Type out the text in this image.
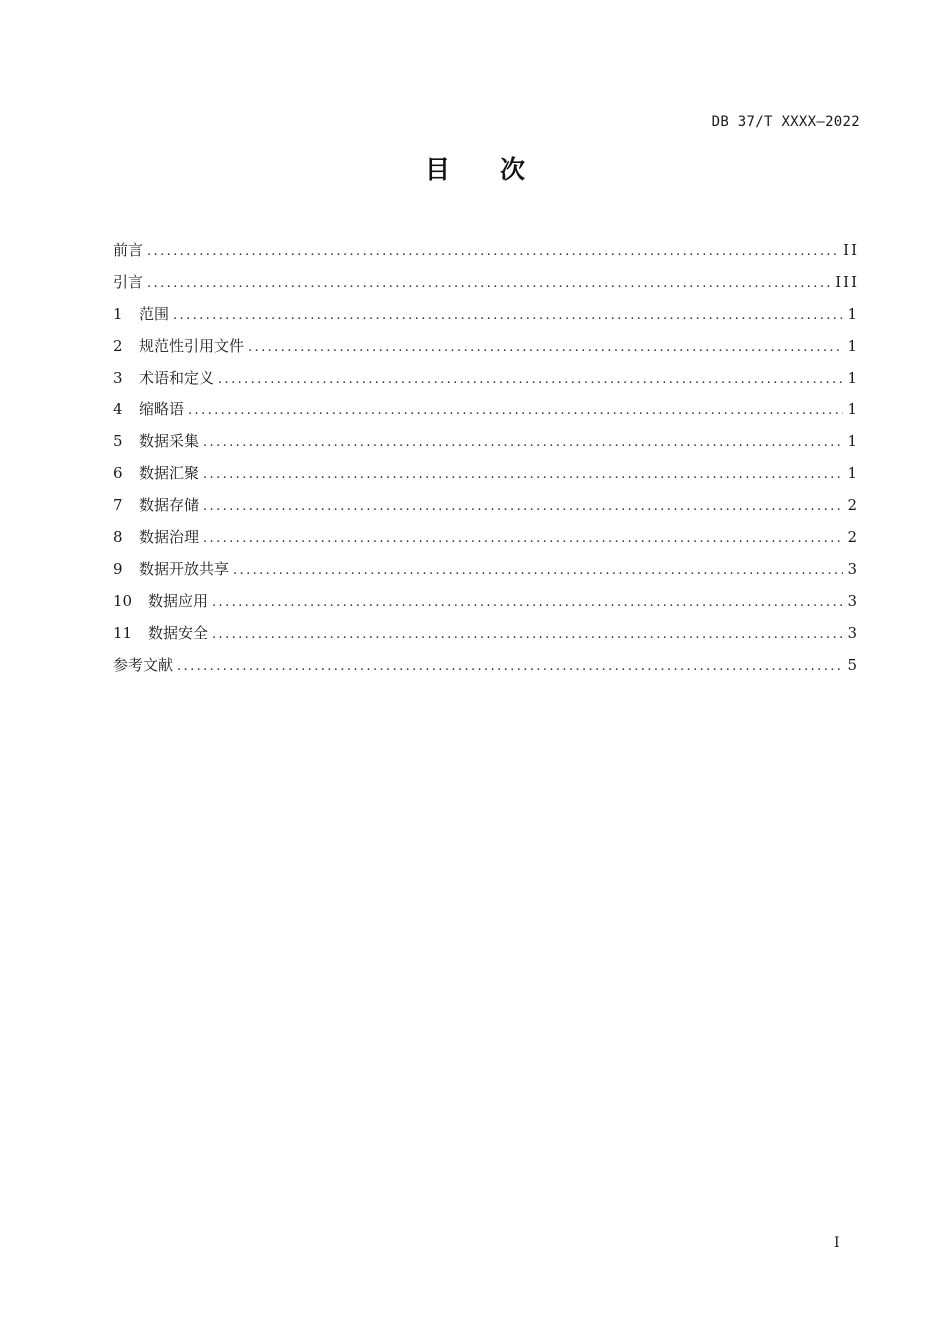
DB 37/T XXXX—2022
目次
前言 .....	II
引言 .....	III
1	范围 .....	1
2	规范性引用文件 .....	1
3	术语和定义 .....	1
4	缩略语 .....	1
5	数据采集 .....	1
6	数据汇聚 .....	1
7	数据存储 .....	2
8	数据治理 .....	2
9	数据开放共享 .....	3
10	数据应用 .....	3
11	数据安全 .....	3
参考文献 .....	5
I
